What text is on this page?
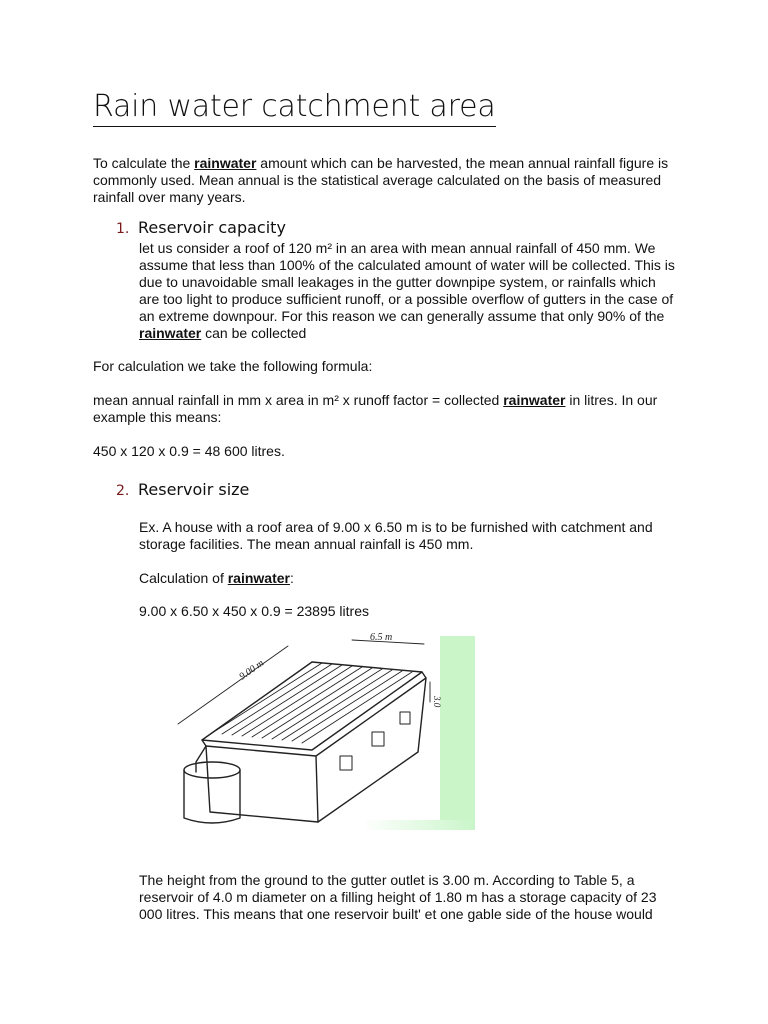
Rain water catchment area

To calculate the rainwater amount which can be harvested, the mean annual rainfall figure is commonly used. Mean annual is the statistical average calculated on the basis of measured rainfall over many years.

1. Reservoir capacity

let us consider a roof of 120 m² in an area with mean annual rainfall of 450 mm. We assume that less than 100% of the calculated amount of water will be collected. This is due to unavoidable small leakages in the gutter downpipe system, or rainfalls which are too light to produce sufficient runoff, or a possible overflow of gutters in the case of an extreme downpour. For this reason we can generally assume that only 90% of the rainwater can be collected

For calculation we take the following formula:

mean annual rainfall in mm x area in m² x runoff factor = collected rainwater in litres. In our example this means:

450 x 120 x 0.9 = 48 600 litres.

2. Reservoir size

Ex. A house with a roof area of 9.00 x 6.50 m is to be furnished with catchment and storage facilities. The mean annual rainfall is 450 mm.

Calculation of rainwater:

9.00 x 6.50 x 450 x 0.9 = 23895 litres

9.00 m
6.5 m
3.0

The height from the ground to the gutter outlet is 3.00 m. According to Table 5, a reservoir of 4.0 m diameter on a filling height of 1.80 m has a storage capacity of 23 000 litres. This means that one reservoir built' et one gable side of the house would
